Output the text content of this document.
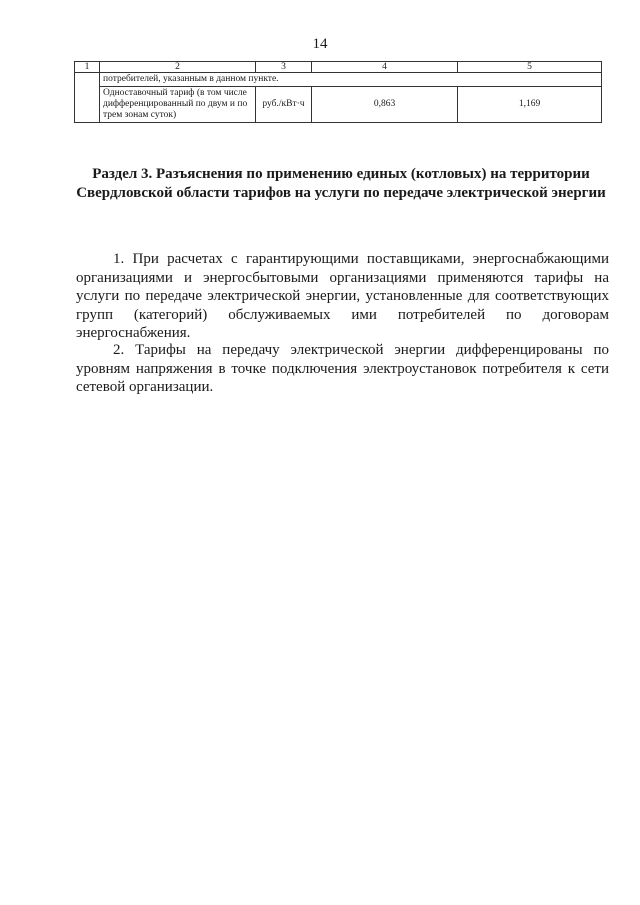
14
1	2	3	4	5
	потребителей, указанным в данном пункте.			
	Одноставочный тариф (в том числе дифференцированный по двум и по трем зонам суток)	руб./кВт·ч	0,863	1,169
Раздел 3. Разъяснения по применению единых (котловых) на территории Свердловской области тарифов на услуги по передаче электрической энергии

1. При расчетах с гарантирующими поставщиками, энергоснабжающими организациями и энергосбытовыми организациями применяются тарифы на услуги по передаче электрической энергии, установленные для соответствующих групп (категорий) обслуживаемых ими потребителей по договорам энергоснабжения.

2. Тарифы на передачу электрической энергии дифференцированы по уровням напряжения в точке подключения электроустановок потребителя к сети сетевой организации.
